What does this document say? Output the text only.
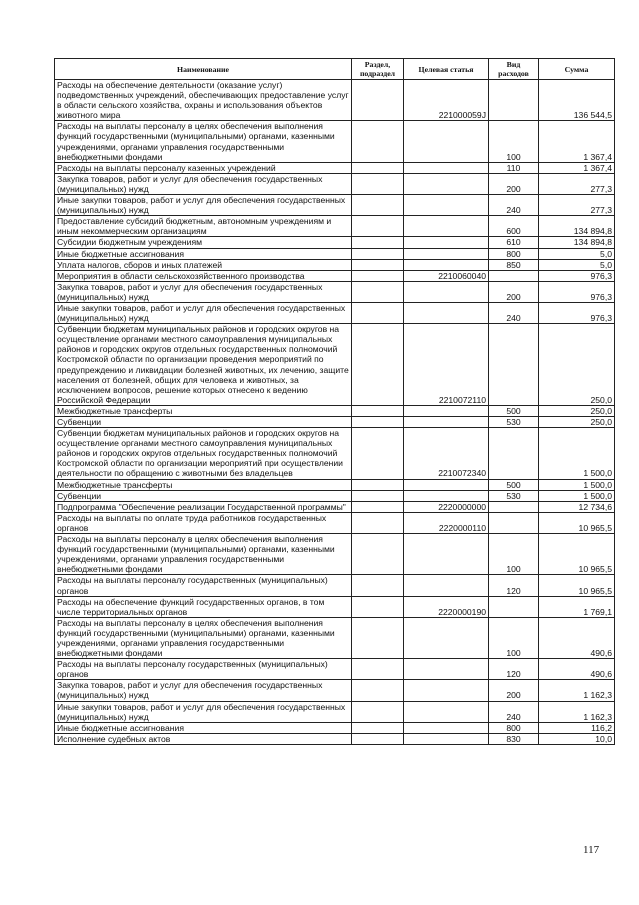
Наименование	Раздел, подраздел	Целевая статья	Вид расходов	Сумма
Расходы на обеспечение деятельности (оказание услуг) подведомственных учреждений, обеспечивающих предоставление услуг в области сельского хозяйства, охраны и использования объектов животного мира		221000059J		136 544,5
Расходы на выплаты персоналу в целях обеспечения выполнения функций государственными (муниципальными) органами, казенными учреждениями, органами управления государственными внебюджетными фондами			100	1 367,4
Расходы на выплаты персоналу казенных учреждений			110	1 367,4
Закупка товаров, работ и услуг для обеспечения государственных (муниципальных) нужд			200	277,3
Иные закупки товаров, работ и услуг для обеспечения государственных (муниципальных) нужд			240	277,3
Предоставление субсидий бюджетным, автономным учреждениям и иным некоммерческим организациям			600	134 894,8
Субсидии бюджетным учреждениям			610	134 894,8
Иные бюджетные ассигнования			800	5,0
Уплата налогов, сборов и иных платежей			850	5,0
Мероприятия в области сельскохозяйственного производства		2210060040		976,3
Закупка товаров, работ и услуг для обеспечения государственных (муниципальных) нужд			200	976,3
Иные закупки товаров, работ и услуг для обеспечения государственных (муниципальных) нужд			240	976,3
Субвенции бюджетам муниципальных районов и городских округов на осуществление органами местного самоуправления муниципальных районов и городских округов отдельных государственных полномочий Костромской области по организации проведения мероприятий по предупреждению и ликвидации болезней животных, их лечению, защите населения от болезней, общих для человека и животных, за исключением вопросов, решение которых отнесено к ведению Российской Федерации		2210072110		250,0
Межбюджетные трансферты			500	250,0
Субвенции			530	250,0
Субвенции бюджетам муниципальных районов и городских округов на осуществление органами местного самоуправления муниципальных районов и городских округов отдельных государственных полномочий Костромской области по организации мероприятий при осуществлении деятельности по обращению с животными без владельцев		2210072340		1 500,0
Межбюджетные трансферты			500	1 500,0
Субвенции			530	1 500,0
Подпрограмма "Обеспечение реализации Государственной программы"		2220000000		12 734,6
Расходы на выплаты по оплате труда работников государственных органов		2220000110		10 965,5
Расходы на выплаты персоналу в целях обеспечения выполнения функций государственными (муниципальными) органами, казенными учреждениями, органами управления государственными внебюджетными фондами			100	10 965,5
Расходы на выплаты персоналу государственных (муниципальных) органов			120	10 965,5
Расходы на обеспечение функций государственных органов, в том числе территориальных органов		2220000190		1 769,1
Расходы на выплаты персоналу в целях обеспечения выполнения функций государственными (муниципальными) органами, казенными учреждениями, органами управления государственными внебюджетными фондами			100	490,6
Расходы на выплаты персоналу государственных (муниципальных) органов			120	490,6
Закупка товаров, работ и услуг для обеспечения государственных (муниципальных) нужд			200	1 162,3
Иные закупки товаров, работ и услуг для обеспечения государственных (муниципальных) нужд			240	1 162,3
Иные бюджетные ассигнования			800	116,2
Исполнение судебных актов			830	10,0
117
